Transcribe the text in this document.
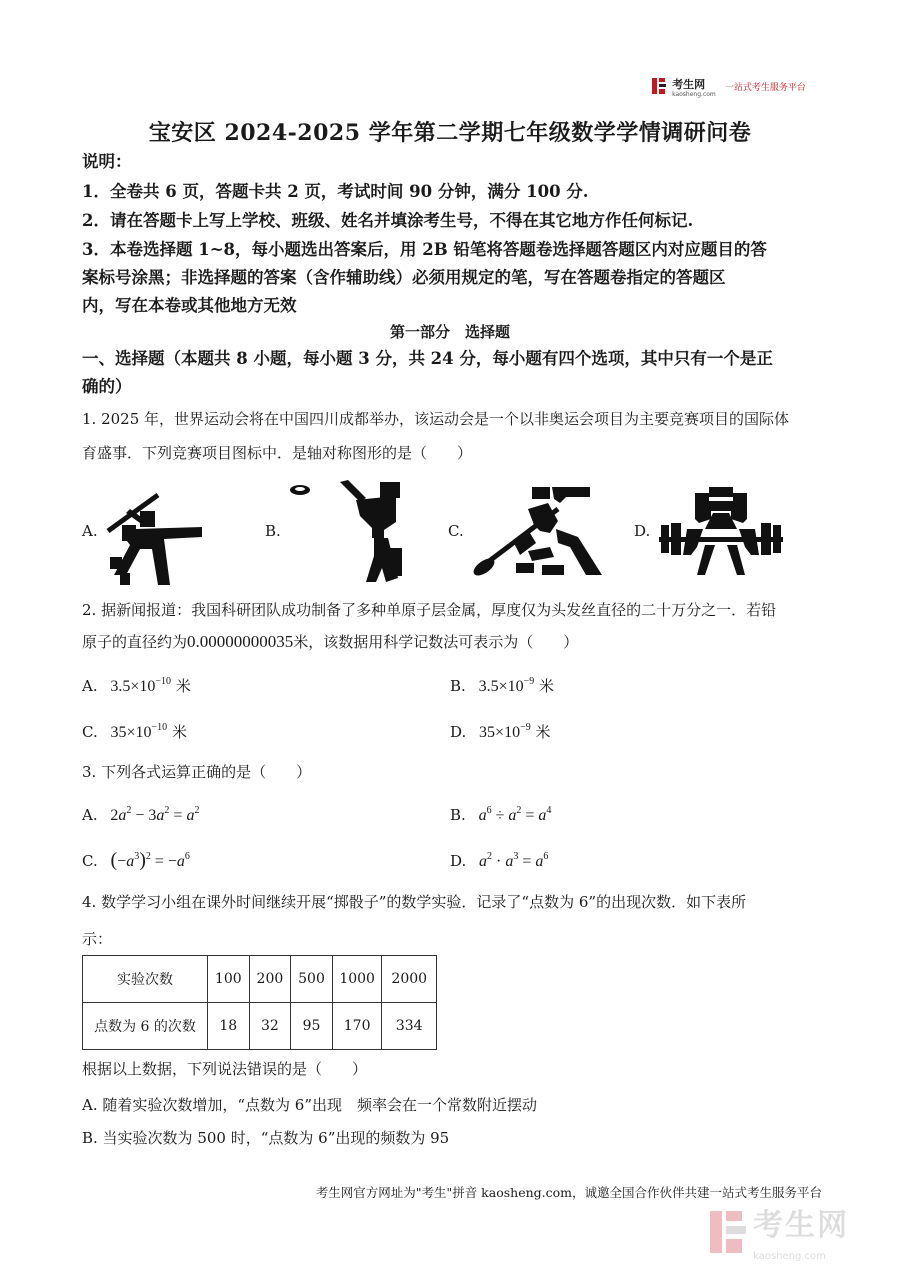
考生网
kaosheng.com
一站式考生服务平台
宝安区 2024-2025 学年第二学期七年级数学学情调研问卷
说明：
1．全卷共 6 页，答题卡共 2 页，考试时间 90 分钟，满分 100 分.
2．请在答题卡上写上学校、班级、姓名并填涂考生号，不得在其它地方作任何标记.
3．本卷选择题 1~8，每小题选出答案后，用 2B 铅笔将答题卷选择题答题区内对应题目的答
案标号涂黑；非选择题的答案（含作辅助线）必须用规定的笔，写在答题卷指定的答题区
内，写在本卷或其他地方无效
第一部分　选择题
一、选择题（本题共 8 小题，每小题 3 分，共 24 分，每小题有四个选项，其中只有一个是正
确的）
1. 2025 年，世界运动会将在中国四川成都举办，该运动会是一个以非奥运会项目为主要竞赛项目的国际体
育盛事．下列竞赛项目图标中．是轴对称图形的是（　　）
A.	B.	C.	D.
2. 据新闻报道：我国科研团队成功制备了多种单原子层金属，厚度仅为头发丝直径的二十万分之一．若铅
原子的直径约为0.00000000035米，该数据用科学记数法可表示为（　　）
A. $3.5\times 10^{-10}$ 米	B. $3.5\times 10^{-9}$ 米
C. $35\times 10^{-10}$ 米	D. $35\times 10^{-9}$ 米
3. 下列各式运算正确的是（　　）
A. $2a^2 - 3a^2 = a^2$	B. $a^6 \div a^2 = a^4$
C. $(-a^3)^2 = -a^6$	D. $a^2 \cdot a^3 = a^6$
4. 数学学习小组在课外时间继续开展“掷骰子”的数学实验．记录了“点数为 6”的出现次数．如下表所
示：
实验次数	100	200	500	1000	2000
点数为 6 的次数	18	32	95	170	334
根据以上数据，下列说法错误的是（　　）
A. 随着实验次数增加，“点数为 6”出现　频率会在一个常数附近摆动
B. 当实验次数为 500 时，“点数为 6”出现的频数为 95
考生网官方网址为"考生"拼音 kaosheng.com，诚邀全国合作伙伴共建一站式考生服务平台
考生网
kaosheng.com
